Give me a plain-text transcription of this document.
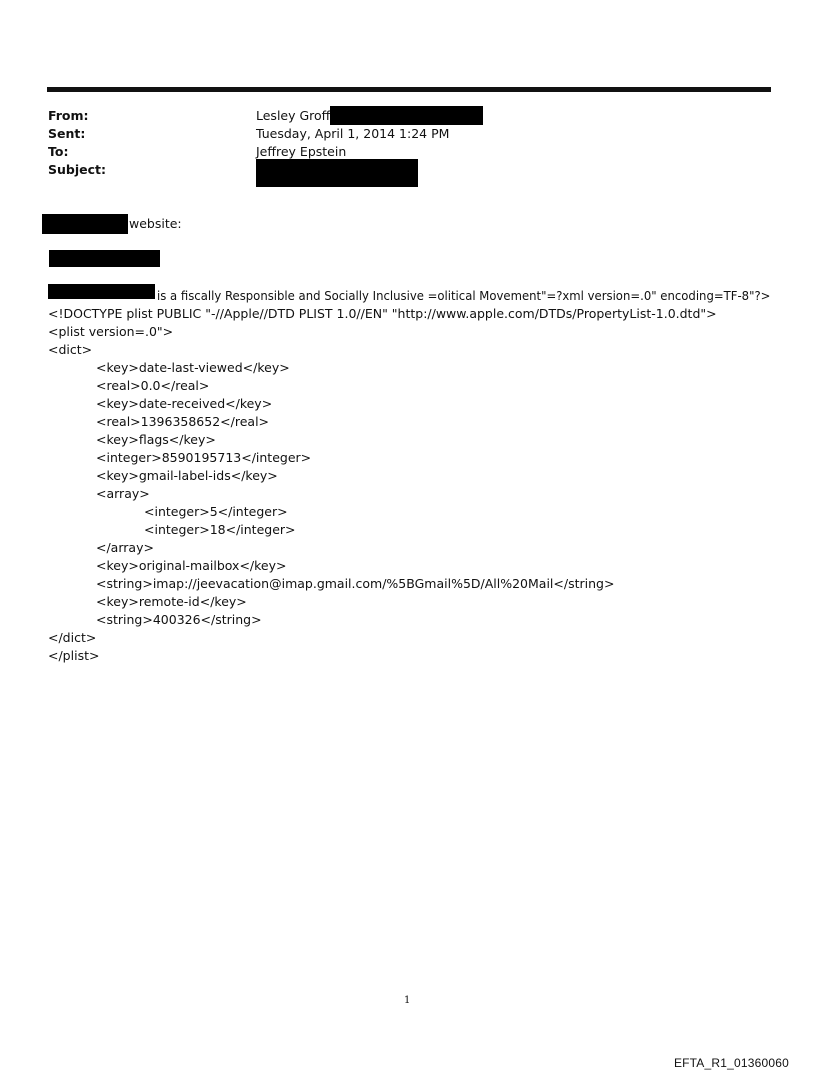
From:	Lesley Groff
Sent:	Tuesday, April 1, 2014 1:24 PM
To:	Jeffrey Epstein
Subject:
website:
is a fiscally Responsible and Socially Inclusive =olitical Movement"=?xml version=.0" encoding=TF-8"?>
<!DOCTYPE plist PUBLIC "-//Apple//DTD PLIST 1.0//EN" "http://www.apple.com/DTDs/PropertyList-1.0.dtd">
<plist version=.0">
<dict>
<key>date-last-viewed</key>
<real>0.0</real>
<key>date-received</key>
<real>1396358652</real>
<key>flags</key>
<integer>8590195713</integer>
<key>gmail-label-ids</key>
<array>
<integer>5</integer>
<integer>18</integer>
</array>
<key>original-mailbox</key>
<string>imap://jeevacation@imap.gmail.com/%5BGmail%5D/All%20Mail</string>
<key>remote-id</key>
<string>400326</string>
</dict>
</plist>
1
EFTA_R1_01360060
